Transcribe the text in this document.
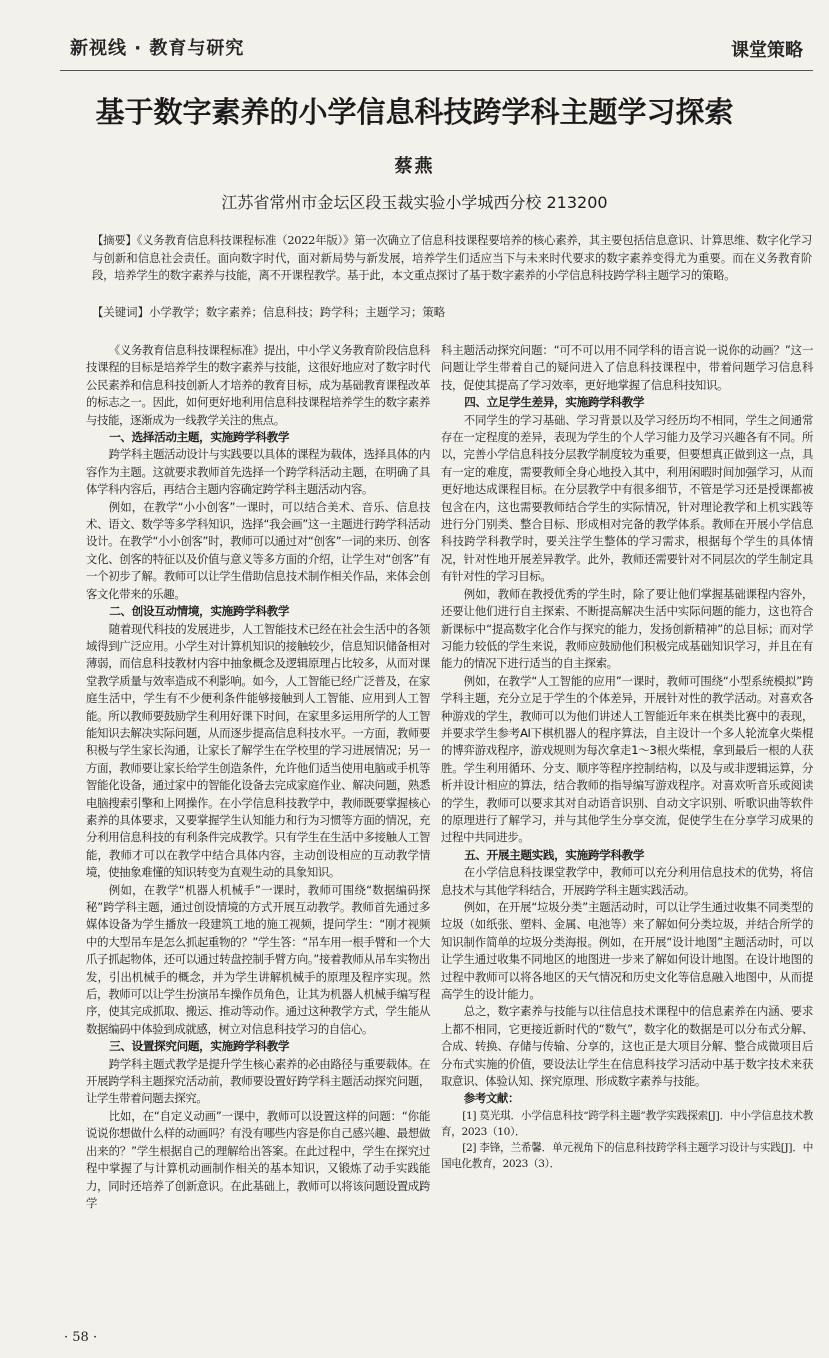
新视线 · 教育与研究	课堂策略
基于数字素养的小学信息科技跨学科主题学习探索
蔡燕
江苏省常州市金坛区段玉裁实验小学城西分校 213200
【摘要】《义务教育信息科技课程标准（2022年版）》第一次确立了信息科技课程要培养的核心素养，其主要包括信息意识、计算思维、数字化学习与创新和信息社会责任。面向数字时代，面对新局势与新发展，培养学生们适应当下与未来时代要求的数字素养变得尤为重要。而在义务教育阶段，培养学生的数字素养与技能，离不开课程教学。基于此，本文重点探讨了基于数字素养的小学信息科技跨学科主题学习的策略。
【关键词】小学教学；数字素养；信息科技；跨学科；主题学习；策略

《义务教育信息科技课程标准》提出，中小学义务教育阶段信息科技课程的目标是培养学生的数字素养与技能，这很好地应对了数字时代公民素养和信息科技创新人才培养的教育目标，成为基础教育课程改革的标志之一。因此，如何更好地利用信息科技课程培养学生的数字素养与技能，逐渐成为一线教学关注的焦点。

一、选择活动主题，实施跨学科教学

跨学科主题活动设计与实践要以具体的课程为载体，选择具体的内容作为主题。这就要求教师首先选择一个跨学科活动主题，在明确了具体学科内容后，再结合主题内容确定跨学科主题活动内容。

例如，在教学“小小创客”一课时，可以结合美术、音乐、信息技术、语文、数学等多学科知识，选择“我会画”这一主题进行跨学科活动设计。在教学“小小创客”时，教师可以通过对“创客”一词的来历、创客文化、创客的特征以及价值与意义等多方面的介绍，让学生对“创客”有一个初步了解。教师可以让学生借助信息技术制作相关作品，来体会创客文化带来的乐趣。

二、创设互动情境，实施跨学科教学

随着现代科技的发展进步，人工智能技术已经在社会生活中的各领域得到广泛应用。小学生对计算机知识的接触较少，信息知识储备相对薄弱，而信息科技教材内容中抽象概念及逻辑原理占比较多，从而对课堂教学质量与效率造成不利影响。如今，人工智能已经广泛普及，在家庭生活中，学生有不少便利条件能够接触到人工智能、应用到人工智能。所以教师要鼓励学生利用好课下时间，在家里多运用所学的人工智能知识去解决实际问题，从而逐步提高信息科技水平。一方面，教师要积极与学生家长沟通，让家长了解学生在学校里的学习进展情况；另一方面，教师要让家长给学生创造条件，允许他们适当使用电脑或手机等智能化设备，通过家中的智能化设备去完成家庭作业、解决问题，熟悉电脑搜索引擎和上网操作。在小学信息科技教学中，教师既要掌握核心素养的具体要求，又要掌握学生认知能力和行为习惯等方面的情况，充分利用信息科技的有利条件完成教学。只有学生在生活中多接触人工智能，教师才可以在教学中结合具体内容，主动创设相应的互动教学情境，使抽象难懂的知识转变为直观生动的具象知识。

例如，在教学“机器人机械手”一课时，教师可围绕“数据编码探秘”跨学科主题，通过创设情境的方式开展互动教学。教师首先通过多媒体设备为学生播放一段建筑工地的施工视频，提问学生：“刚才视频中的大型吊车是怎么抓起重物的？”学生答：“吊车用一根手臂和一个大爪子抓起物体，还可以通过转盘控制手臂方向。”接着教师从吊车实物出发，引出机械手的概念，并为学生讲解机械手的原理及程序实现。然后，教师可以让学生扮演吊车操作员角色，让其为机器人机械手编写程序，使其完成抓取、搬运、推动等动作。通过这种教学方式，学生能从数据编码中体验到成就感，树立对信息科技学习的自信心。

三、设置探究问题，实施跨学科教学

跨学科主题式教学是提升学生核心素养的必由路径与重要载体。在开展跨学科主题探究活动前，教师要设置好跨学科主题活动探究问题，让学生带着问题去探究。

比如，在“自定义动画”一课中，教师可以设置这样的问题：“你能说说你想做什么样的动画吗？有没有哪些内容是你自己感兴趣、最想做出来的？”学生根据自己的理解给出答案。在此过程中，学生在探究过程中掌握了与计算机动画制作相关的基本知识，又锻炼了动手实践能力，同时还培养了创新意识。在此基础上，教师可以将该问题设置成跨学

科主题活动探究问题：“可不可以用不同学科的语言说一说你的动画？”这一问题让学生带着自己的疑问进入了信息科技课程中，带着问题学习信息科技，促使其提高了学习效率，更好地掌握了信息科技知识。

四、立足学生差异，实施跨学科教学

不同学生的学习基础、学习背景以及学习经历均不相同，学生之间通常存在一定程度的差异，表现为学生的个人学习能力及学习兴趣各有不同。所以，完善小学信息科技分层教学制度较为重要，但要想真正做到这一点，具有一定的难度，需要教师全身心地投入其中，利用闲暇时间加强学习，从而更好地达成课程目标。在分层教学中有很多细节，不管是学习还是授课都被包含在内，这也需要教师结合学生的实际情况，针对理论教学和上机实践等进行分门别类、整合目标、形成相对完备的教学体系。教师在开展小学信息科技跨学科教学时，要关注学生整体的学习需求，根据每个学生的具体情况，针对性地开展差异教学。此外，教师还需要针对不同层次的学生制定具有针对性的学习目标。

例如，教师在教授优秀的学生时，除了要让他们掌握基础课程内容外，还要让他们进行自主探索、不断提高解决生活中实际问题的能力，这也符合新课标中“提高数字化合作与探究的能力，发扬创新精神”的总目标；而对学习能力较低的学生来说，教师应鼓励他们积极完成基础知识学习，并且在有能力的情况下进行适当的自主探索。

例如，在教学“人工智能的应用”一课时，教师可围绕“小型系统模拟”跨学科主题，充分立足于学生的个体差异，开展针对性的教学活动。对喜欢各种游戏的学生，教师可以为他们讲述人工智能近年来在棋类比赛中的表现，并要求学生参考AI下棋机器人的程序算法，自主设计一个多人轮流拿火柴棍的博弈游戏程序，游戏规则为每次拿走1～3根火柴棍，拿到最后一根的人获胜。学生利用循环、分支、顺序等程序控制结构，以及与或非逻辑运算，分析并设计相应的算法，结合教师的指导编写游戏程序。对喜欢听音乐或阅读的学生，教师可以要求其对自动语音识别、自动文字识别、听歌识曲等软件的原理进行了解学习，并与其他学生分享交流，促使学生在分享学习成果的过程中共同进步。

五、开展主题实践，实施跨学科教学

在小学信息科技课堂教学中，教师可以充分利用信息技术的优势，将信息技术与其他学科结合，开展跨学科主题实践活动。

例如，在开展“垃圾分类”主题活动时，可以让学生通过收集不同类型的垃圾（如纸张、塑料、金属、电池等）来了解如何分类垃圾，并结合所学的知识制作简单的垃圾分类海报。例如，在开展“设计地图”主题活动时，可以让学生通过收集不同地区的地图进一步来了解如何设计地图。在设计地图的过程中教师可以将各地区的天气情况和历史文化等信息融入地图中，从而提高学生的设计能力。

总之，数字素养与技能与以往信息技术课程中的信息素养在内涵、要求上都不相同，它更接近新时代的“数气”，数字化的数据是可以分布式分解、合成、转换、存储与传输、分享的，这也正是大项目分解、整合成微项目后分布式实施的价值，要设法让学生在信息科技学习活动中基于数字技术来获取意识、体验认知、探究原理、形成数字素养与技能。

参考文献：

[1] 莫光琪．小学信息科技“跨学科主题”教学实践探索[J]．中小学信息技术教育，2023（10）．

[2] 李锋，兰希馨．单元视角下的信息科技跨学科主题学习设计与实践[J]．中国电化教育，2023（3）．

· 58 ·
